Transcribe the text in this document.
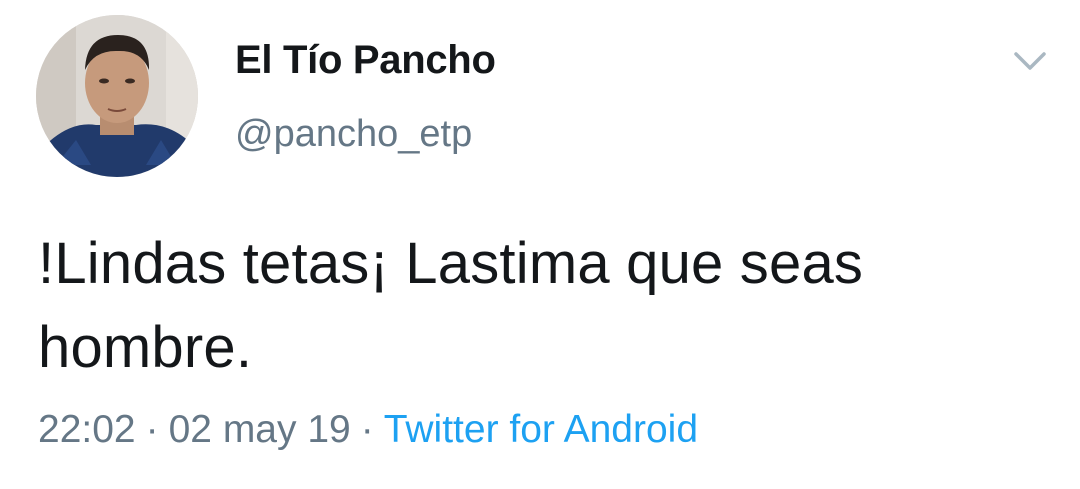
El Tío Pancho
@pancho_etp
!Lindas tetas¡ Lastima que seas
hombre.
22:02 · 02 may 19 · Twitter for Android
